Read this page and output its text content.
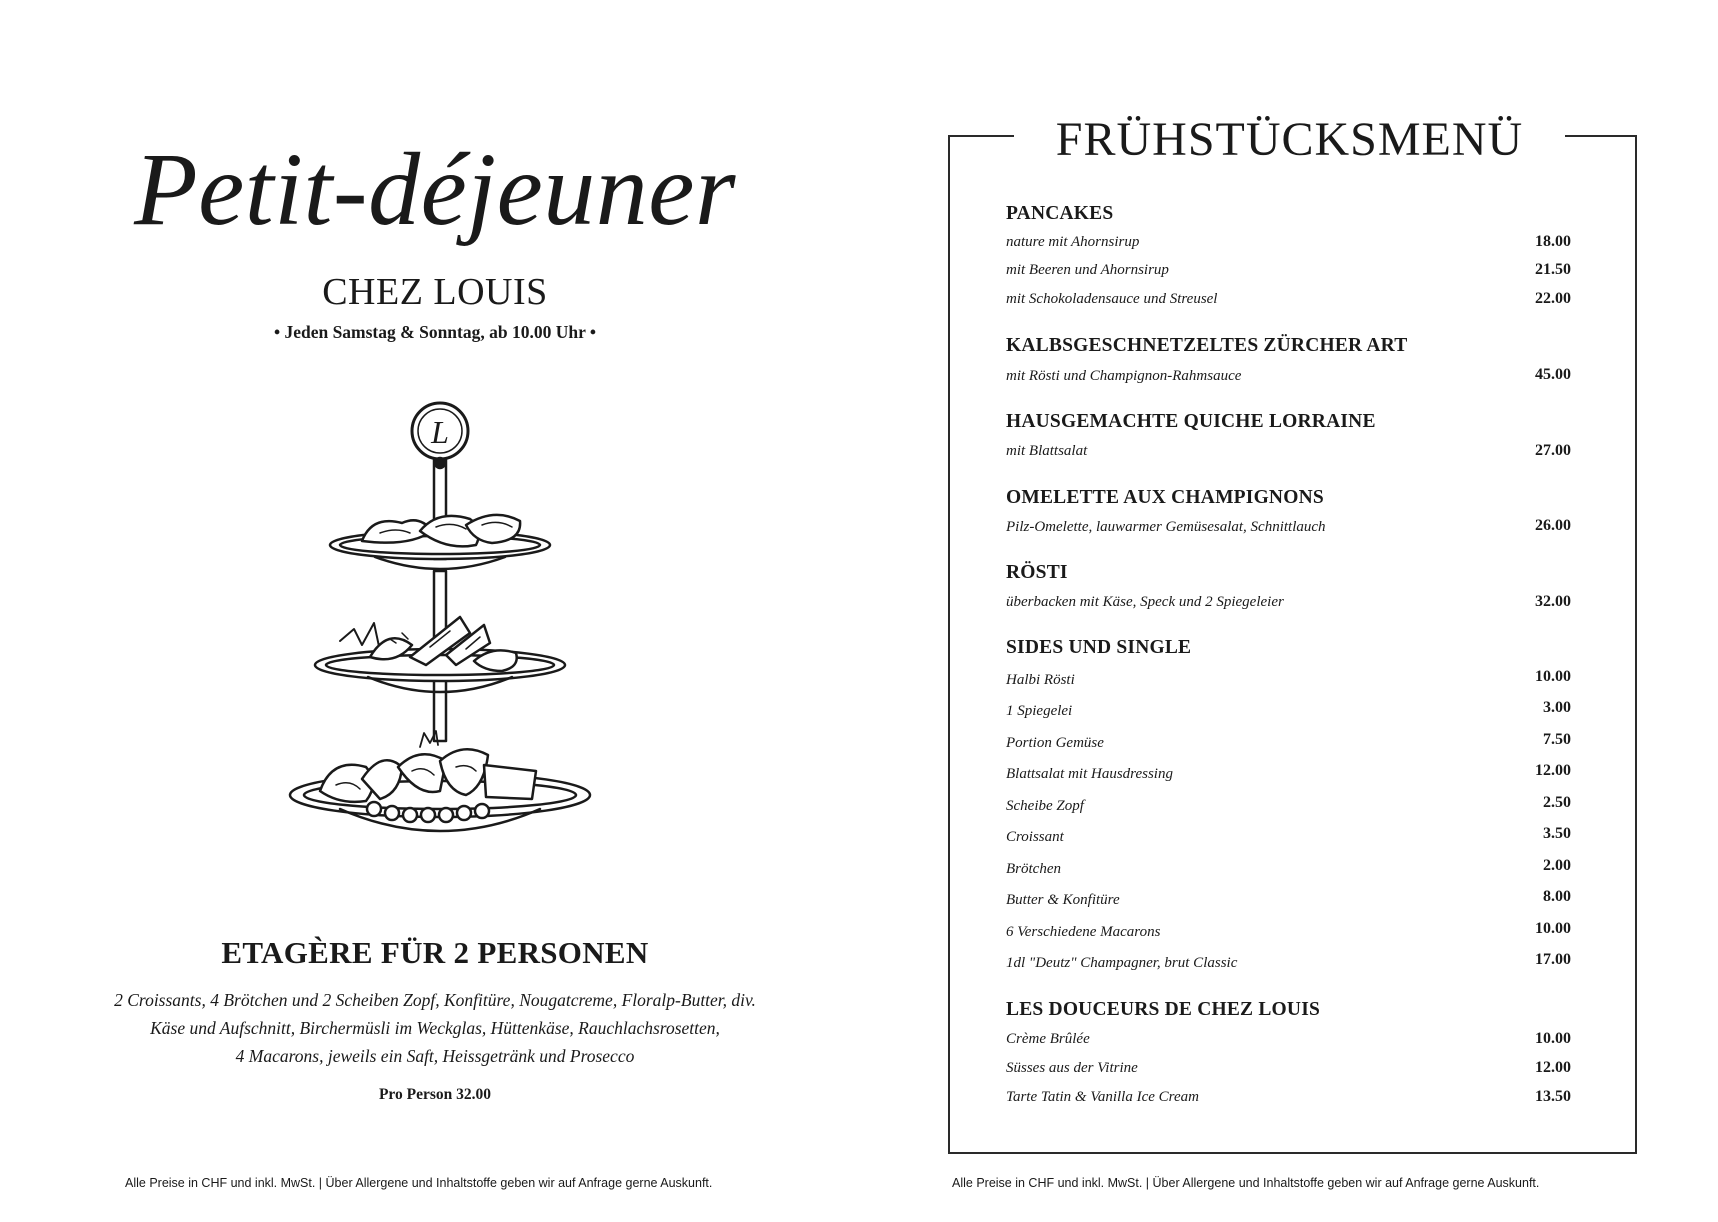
Petit-déjeuner
CHEZ LOUIS
• Jeden Samstag & Sonntag, ab 10.00 Uhr •
L
ETAGÈRE FÜR 2 PERSONEN
2 Croissants, 4 Brötchen und 2 Scheiben Zopf, Konfitüre, Nougatcreme, Floralp-Butter, div.
Käse und Aufschnitt, Birchermüsli im Weckglas, Hüttenkäse, Rauchlachsrosetten,
4 Macarons, jeweils ein Saft, Heissgetränk und Prosecco
Pro Person 32.00
Alle Preise in CHF und inkl. MwSt. | Über Allergene und Inhaltstoffe geben wir auf Anfrage gerne Auskunft.
FRÜHSTÜCKSMENÜ
PANCAKES
nature mit Ahornsirup	18.00
mit Beeren und Ahornsirup	21.50
mit Schokoladensauce und Streusel	22.00
KALBSGESCHNETZELTES ZÜRCHER ART
mit Rösti und Champignon-Rahmsauce	45.00
HAUSGEMACHTE QUICHE LORRAINE
mit Blattsalat	27.00
OMELETTE AUX CHAMPIGNONS
Pilz-Omelette, lauwarmer Gemüsesalat, Schnittlauch	26.00
RÖSTI
überbacken mit Käse, Speck und 2 Spiegeleier	32.00
SIDES UND SINGLE
Halbi Rösti	10.00
1 Spiegelei	3.00
Portion Gemüse	7.50
Blattsalat mit Hausdressing	12.00
Scheibe Zopf	2.50
Croissant	3.50
Brötchen	2.00
Butter & Konfitüre	8.00
6 Verschiedene Macarons	10.00
1dl "Deutz" Champagner, brut Classic	17.00
LES DOUCEURS DE CHEZ LOUIS
Crème Brûlée	10.00
Süsses aus der Vitrine	12.00
Tarte Tatin & Vanilla Ice Cream	13.50
Alle Preise in CHF und inkl. MwSt. | Über Allergene und Inhaltstoffe geben wir auf Anfrage gerne Auskunft.
